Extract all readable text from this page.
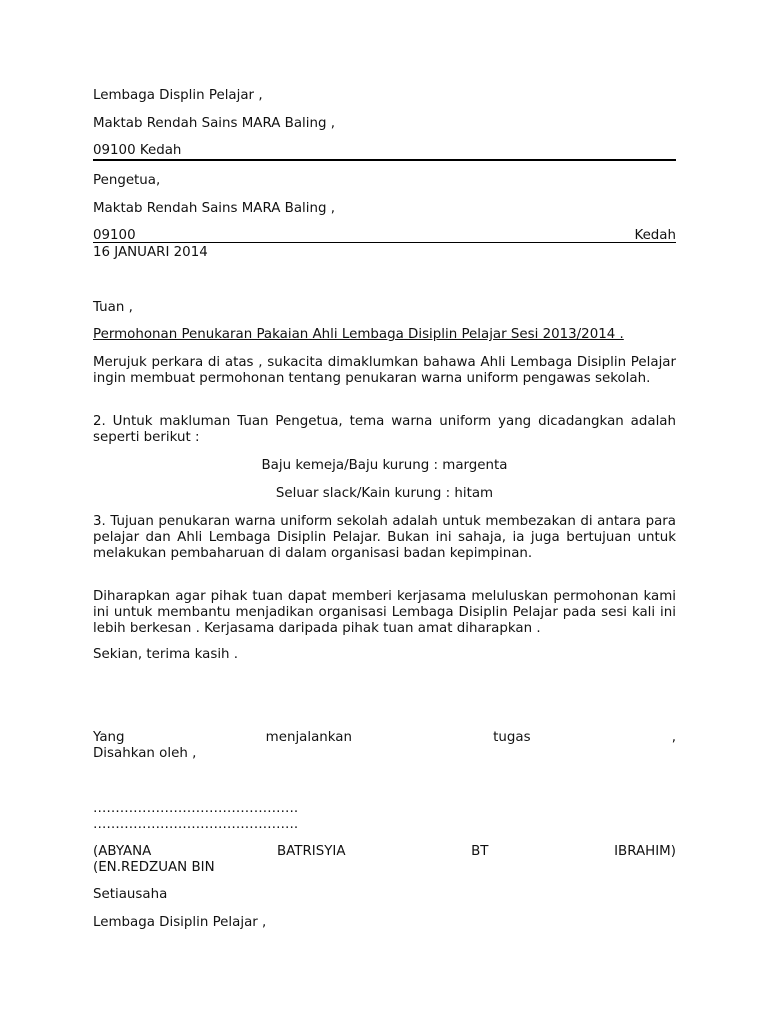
Lembaga Displin Pelajar ,
Maktab Rendah Sains MARA Baling ,
09100 Kedah
Pengetua,
Maktab Rendah Sains MARA Baling ,
09100	Kedah
16 JANUARI 2014
Tuan ,
Permohonan Penukaran Pakaian Ahli Lembaga Disiplin Pelajar Sesi 2013/2014 .
Merujuk perkara di atas , sukacita dimaklumkan bahawa Ahli Lembaga Disiplin Pelajar ingin membuat permohonan tentang penukaran warna uniform pengawas sekolah.
2. Untuk makluman Tuan Pengetua, tema warna uniform yang dicadangkan adalah seperti berikut :
Baju kemeja/Baju kurung : margenta
Seluar slack/Kain kurung : hitam
3. Tujuan penukaran warna uniform sekolah adalah untuk membezakan di antara para pelajar dan Ahli Lembaga Disiplin Pelajar. Bukan ini sahaja, ia juga bertujuan untuk melakukan pembaharuan di dalam organisasi badan kepimpinan.
Diharapkan agar pihak tuan dapat memberi kerjasama meluluskan permohonan kami ini untuk membantu menjadikan organisasi Lembaga Disiplin Pelajar pada sesi kali ini lebih berkesan . Kerjasama daripada pihak tuan amat diharapkan .
Sekian, terima kasih .
Yang	menjalankan	tugas	,
Disahkan oleh ,
……………………………………….
……………………………………….
(ABYANA	BATRISYIA	BT	IBRAHIM)
(EN.REDZUAN BIN
Setiausaha
Lembaga Disiplin Pelajar ,
